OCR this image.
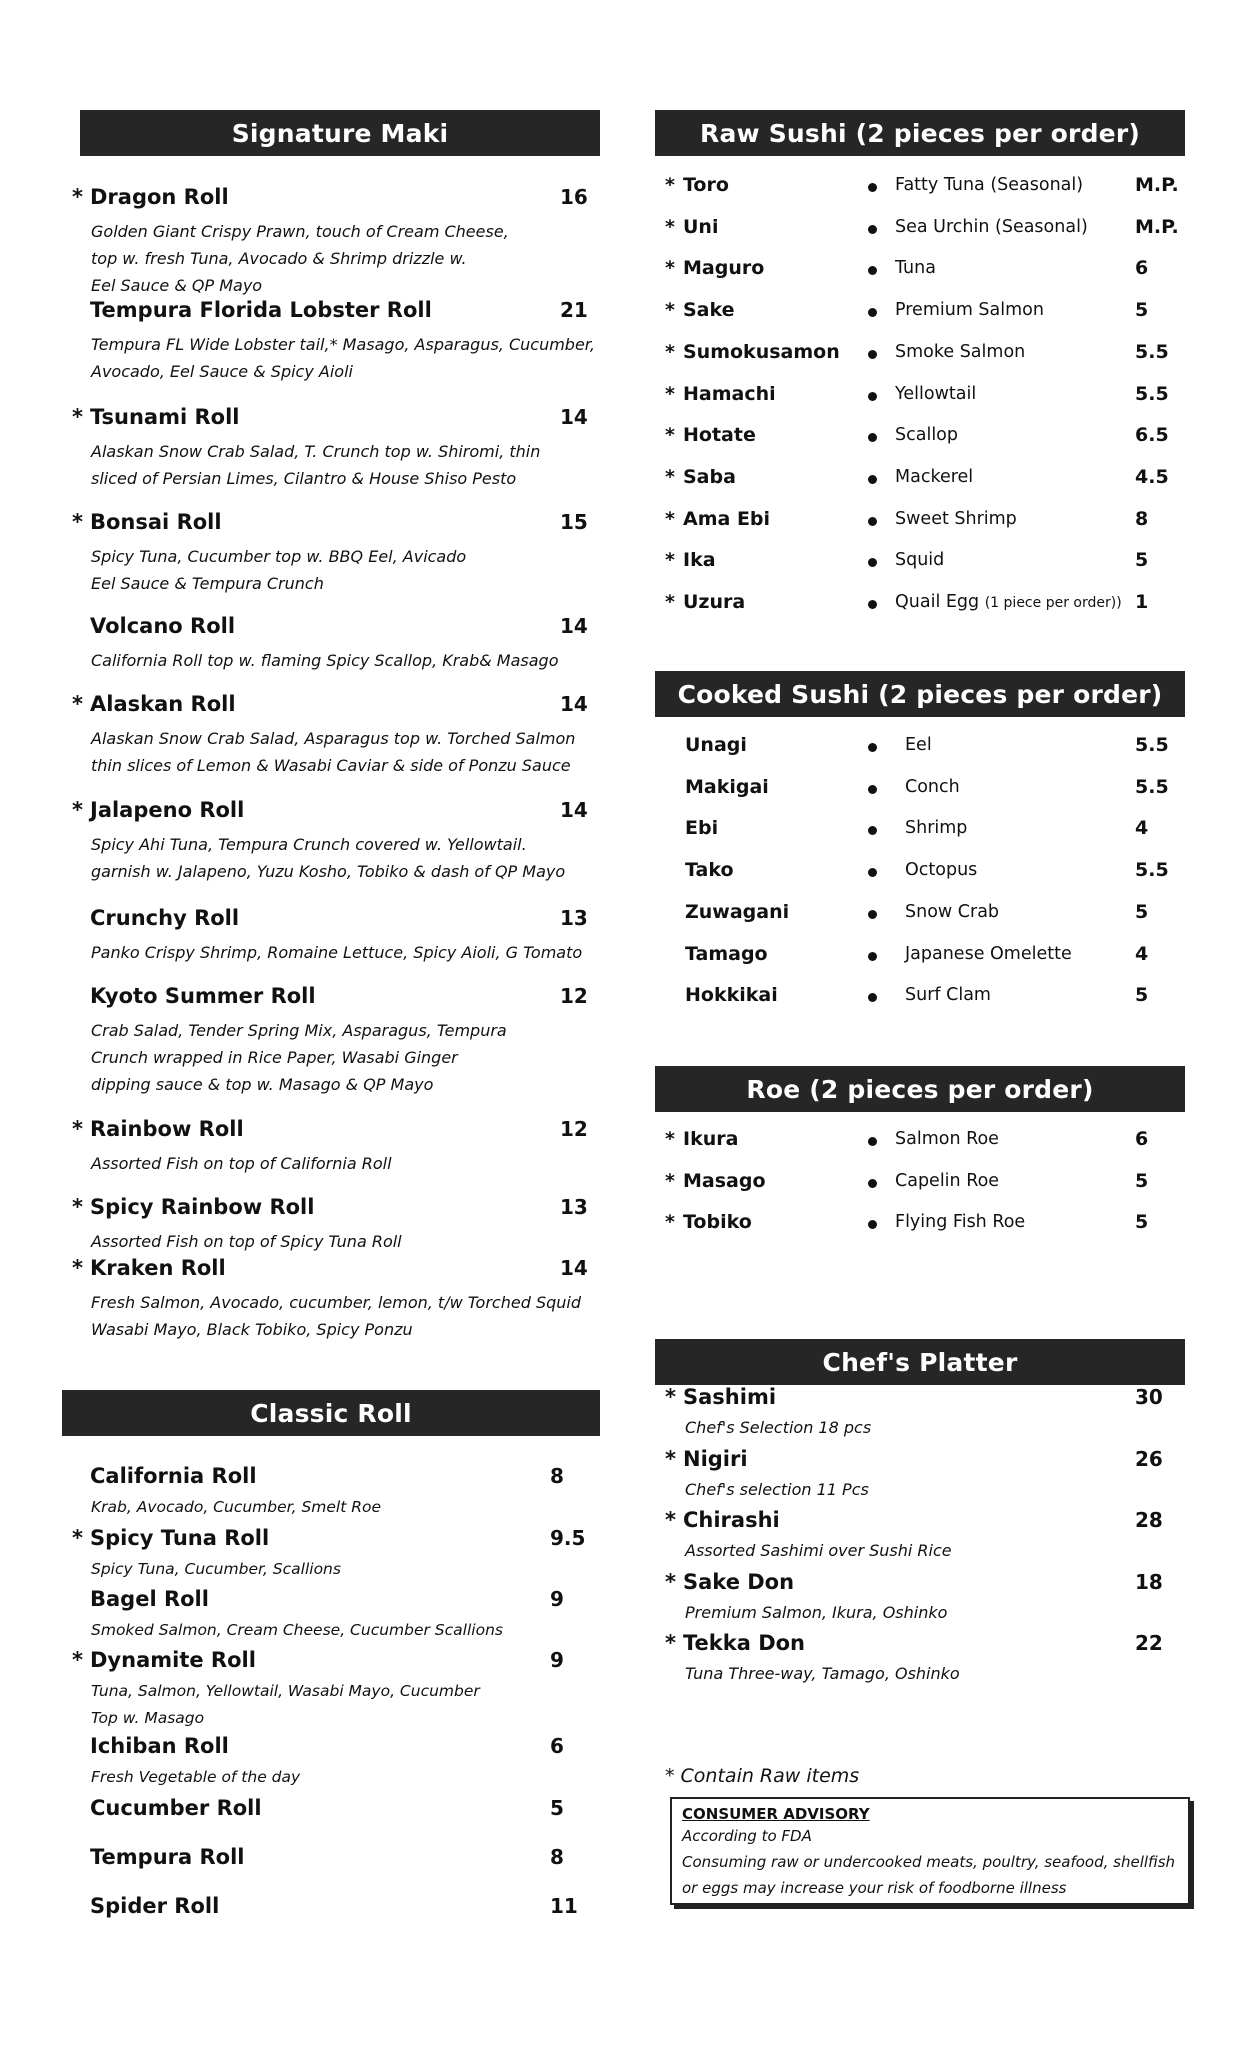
Signature Maki
* Dragon Roll	16
Golden Giant Crispy Prawn, touch of Cream Cheese,
top w. fresh Tuna, Avocado & Shrimp drizzle w.
Eel Sauce & QP Mayo
Tempura Florida Lobster Roll	21
Tempura FL Wide Lobster tail,* Masago, Asparagus, Cucumber,
Avocado, Eel Sauce & Spicy Aioli
* Tsunami Roll	14
Alaskan Snow Crab Salad, T. Crunch top w. Shiromi, thin
sliced of Persian Limes, Cilantro & House Shiso Pesto
* Bonsai Roll	15
Spicy Tuna, Cucumber top w. BBQ Eel, Avicado
Eel Sauce & Tempura Crunch
Volcano Roll	14
California Roll top w. flaming Spicy Scallop, Krab& Masago
* Alaskan Roll	14
Alaskan Snow Crab Salad, Asparagus top w. Torched Salmon
thin slices of Lemon & Wasabi Caviar & side of Ponzu Sauce
* Jalapeno Roll	14
Spicy Ahi Tuna, Tempura Crunch covered w. Yellowtail.
garnish w. Jalapeno, Yuzu Kosho, Tobiko & dash of QP Mayo
Crunchy Roll	13
Panko Crispy Shrimp, Romaine Lettuce, Spicy Aioli, G Tomato
Kyoto Summer Roll	12
Crab Salad, Tender Spring Mix, Asparagus, Tempura
Crunch wrapped in Rice Paper, Wasabi Ginger
dipping sauce & top w. Masago & QP Mayo
* Rainbow Roll	12
Assorted Fish on top of California Roll
* Spicy Rainbow Roll	13
Assorted Fish on top of Spicy Tuna Roll
* Kraken Roll	14
Fresh Salmon, Avocado, cucumber, lemon, t/w Torched Squid
Wasabi Mayo, Black Tobiko, Spicy Ponzu
Classic Roll
California Roll	8
Krab, Avocado, Cucumber, Smelt Roe
* Spicy Tuna Roll	9.5
Spicy Tuna, Cucumber, Scallions
Bagel Roll	9
Smoked Salmon, Cream Cheese, Cucumber Scallions
* Dynamite Roll	9
Tuna, Salmon, Yellowtail, Wasabi Mayo, Cucumber
Top w. Masago
Ichiban Roll	6
Fresh Vegetable of the day
Cucumber Roll	5
Tempura Roll	8
Spider Roll	11
Raw Sushi (2 pieces per order)
* Toro	Fatty Tuna (Seasonal)	M.P.
* Uni	Sea Urchin (Seasonal) M.P.
* Maguro	Tuna	6
* Sake	Premium Salmon	5
* Sumokusamon	Smoke Salmon	5.5
* Hamachi	Yellowtail	5.5
* Hotate	Scallop	6.5
* Saba	Mackerel	4.5
* Ama Ebi	Sweet Shrimp	8
* Ika	Squid	5
* Uzura	Quail Egg (1 piece per order)) 1
Cooked Sushi (2 pieces per order)
Unagi	Eel	5.5
Makigai	Conch	5.5
Ebi	Shrimp	4
Tako	Octopus	5.5
Zuwagani	Snow Crab	5
Tamago	Japanese Omelette	4
Hokkikai	Surf Clam	5
Roe (2 pieces per order)
* Ikura	Salmon Roe	6
* Masago	Capelin Roe	5
* Tobiko	Flying Fish Roe	5
Chef's Platter
* Sashimi	30
Chef's Selection 18 pcs
* Nigiri	26
Chef's selection 11 Pcs
* Chirashi	28
Assorted Sashimi over Sushi Rice
* Sake Don	18
Premium Salmon, Ikura, Oshinko
* Tekka Don	22
Tuna Three-way, Tamago, Oshinko
* Contain Raw items
CONSUMER ADVISORY
According to FDA
Consuming raw or undercooked meats, poultry, seafood, shellfish
or eggs may increase your risk of foodborne illness
